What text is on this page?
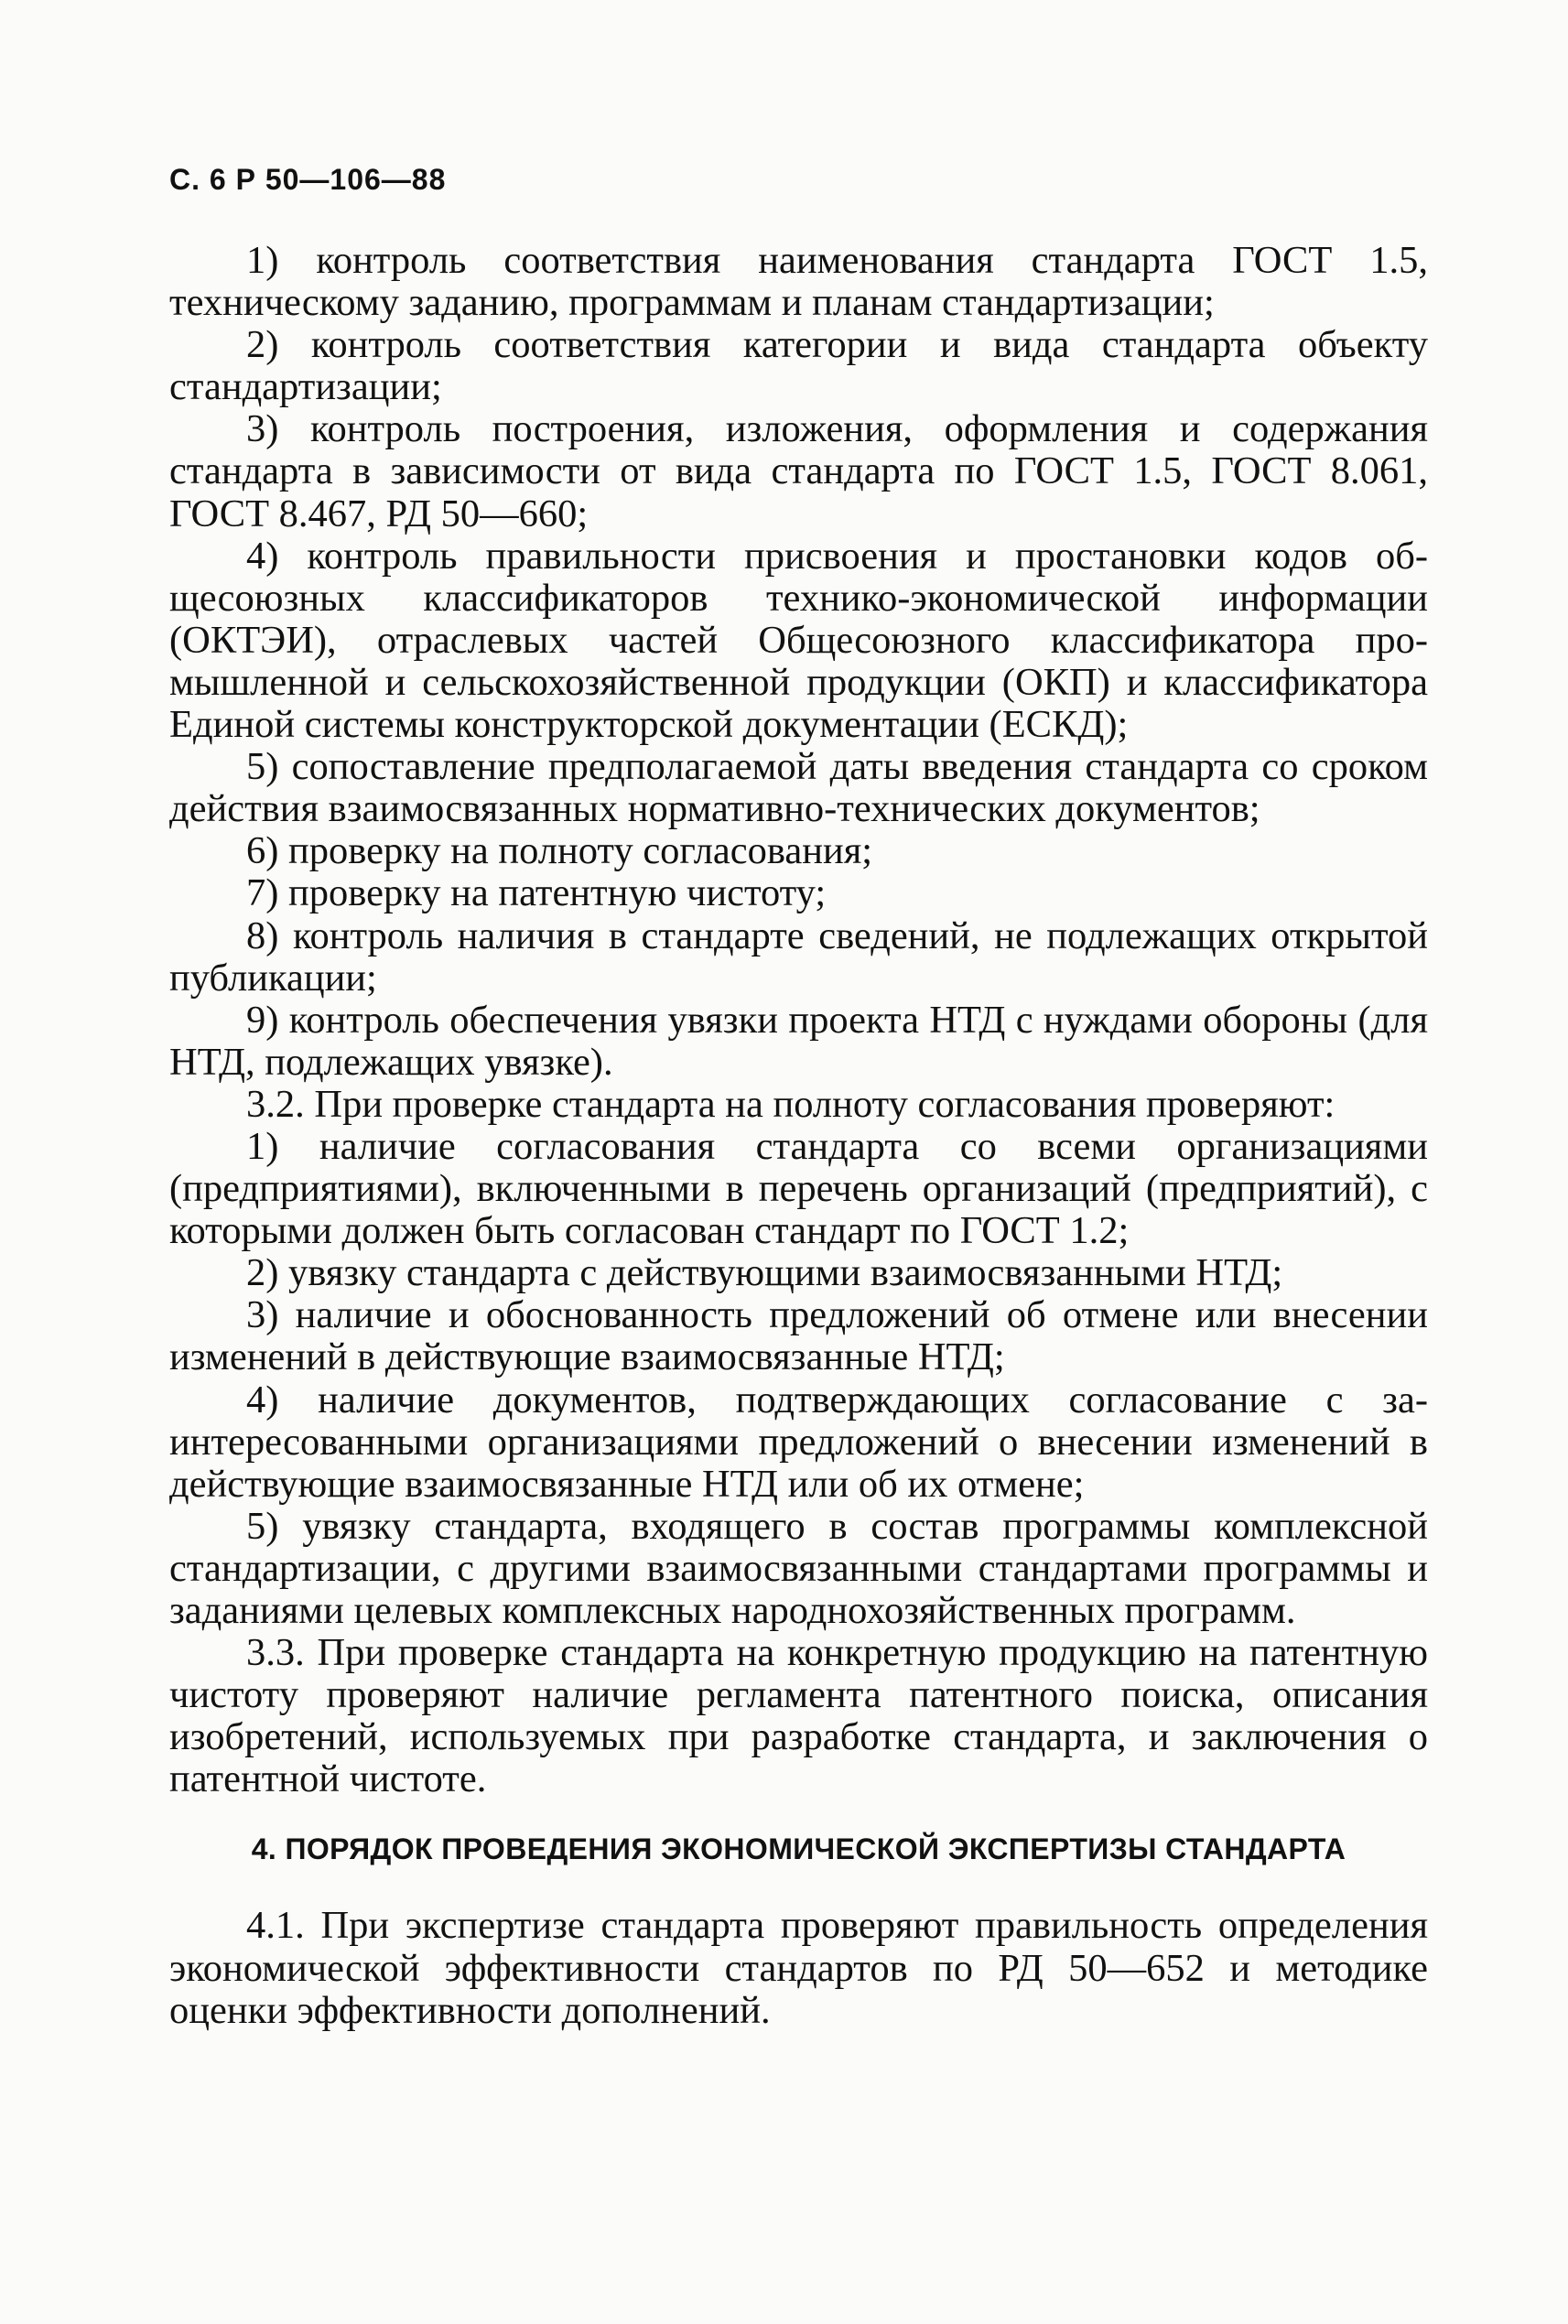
С. 6 Р 50—106—88

1) контроль соответствия наименования стандарта ГОСТ 1.5, техническому заданию, программам и планам стандартизации;

2) контроль соответствия категории и вида стандарта объекту стандартизации;

3) контроль построения, изложения, оформления и содержания стандарта в зависимости от вида стандарта по ГОСТ 1.5, ГОСТ 8.061, ГОСТ 8.467, РД 50—660;

4) контроль правильности присвоения и простановки кодов общесоюзных классификаторов технико-экономической информации (ОКТЭИ), отраслевых частей Общесоюзного классификатора промышленной и сельскохозяйственной продукции (ОКП) и классификатора Единой системы конструкторской документации (ЕСКД);

5) сопоставление предполагаемой даты введения стандарта со сроком действия взаимосвязанных нормативно-технических документов;

6) проверку на полноту согласования;

7) проверку на патентную чистоту;

8) контроль наличия в стандарте сведений, не подлежащих открытой публикации;

9) контроль обеспечения увязки проекта НТД с нуждами обороны (для НТД, подлежащих увязке).

3.2. При проверке стандарта на полноту согласования проверяют:

1) наличие согласования стандарта со всеми организациями (предприятиями), включенными в перечень организаций (предприятий), с которыми должен быть согласован стандарт по ГОСТ 1.2;

2) увязку стандарта с действующими взаимосвязанными НТД;

3) наличие и обоснованность предложений об отмене или внесении изменений в действующие взаимосвязанные НТД;

4) наличие документов, подтверждающих согласование с заинтересованными организациями предложений о внесении изменений в действующие взаимосвязанные НТД или об их отмене;

5) увязку стандарта, входящего в состав программы комплексной стандартизации, с другими взаимосвязанными стандартами программы и заданиями целевых комплексных народнохозяйственных программ.

3.3. При проверке стандарта на конкретную продукцию на патентную чистоту проверяют наличие регламента патентного поиска, описания изобретений, используемых при разработке стандарта, и заключения о патентной чистоте.

4. ПОРЯДОК ПРОВЕДЕНИЯ ЭКОНОМИЧЕСКОЙ ЭКСПЕРТИЗЫ СТАНДАРТА

4.1. При экспертизе стандарта проверяют правильность определения экономической эффективности стандартов по РД 50—652 и методике оценки эффективности дополнений.
